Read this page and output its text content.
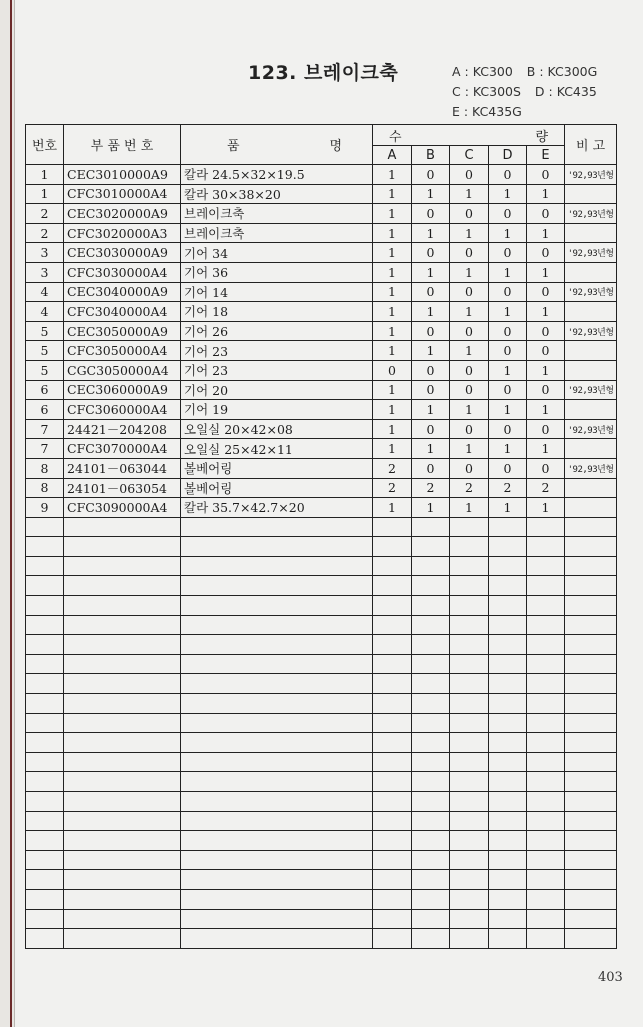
123. 브레이크축	A : KC300 B : KC300G
C : KC300S D : KC435
E : KC435G
번호	부 품 번 호	품 명	수 량					비 고
			A	B	C	D	E	
1	CEC3010000A9	칼라 24.5×32×19.5	1	0	0	0	0	'92,93년형
1	CFC3010000A4	칼라 30×38×20	1	1	1	1	1	
2	CEC3020000A9	브레이크축	1	0	0	0	0	'92,93년형
2	CFC3020000A3	브레이크축	1	1	1	1	1	
3	CEC3030000A9	기어 34	1	0	0	0	0	'92,93년형
3	CFC3030000A4	기어 36	1	1	1	1	1	
4	CEC3040000A9	기어 14	1	0	0	0	0	'92,93년형
4	CFC3040000A4	기어 18	1	1	1	1	1	
5	CEC3050000A9	기어 26	1	0	0	0	0	'92,93년형
5	CFC3050000A4	기어 23	1	1	1	0	0	
5	CGC3050000A4	기어 23	0	0	0	1	1	
6	CEC3060000A9	기어 20	1	0	0	0	0	'92,93년형
6	CFC3060000A4	기어 19	1	1	1	1	1	
7	24421－204208	오일실 20×42×08	1	0	0	0	0	'92,93년형
7	CFC3070000A4	오일실 25×42×11	1	1	1	1	1	
8	24101－063044	볼베어링	2	0	0	0	0	'92,93년형
8	24101－063054	볼베어링	2	2	2	2	2	
9	CFC3090000A4	칼라 35.7×42.7×20	1	1	1	1	1	

403
